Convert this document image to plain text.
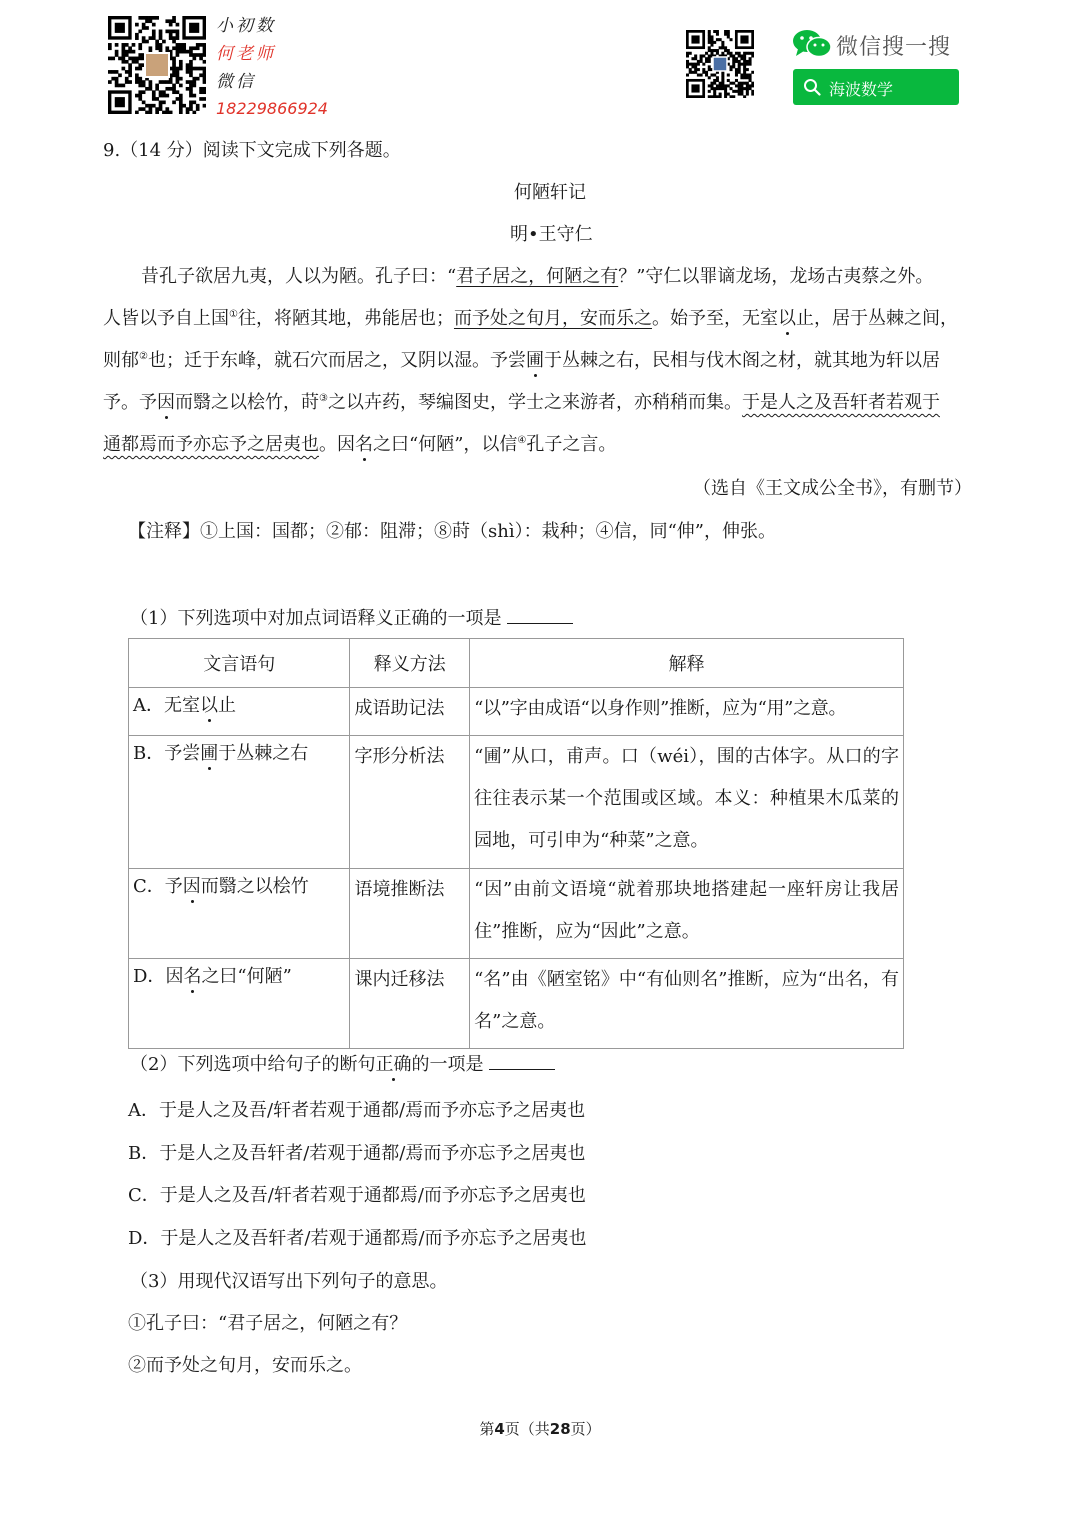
小初数
何老师
微信
18229866924
微信搜一搜
海波数学
9.（14 分）阅读下文完成下列各题。
何陋轩记
明•王守仁
昔孔子欲居九夷，人以为陋。孔子曰：“君子居之，何陋之有？”守仁以罪谪龙场，龙场古夷蔡之外。
人皆以予自上国①往，将陋其地，弗能居也；而予处之旬月，安而乐之。始予至，无室以止，居于丛棘之间，
则郁②也；迁于东峰，就石穴而居之，又阴以湿。予尝圃于丛棘之右，民相与伐木阁之材，就其地为轩以居
予。予因而翳之以桧竹，莳③之以卉药，琴编图史，学士之来游者，亦稍稍而集。于是人之及吾轩者若观于
通都焉而予亦忘予之居夷也。因名之曰“何陋”，以信④孔子之言。
（选自《王文成公全书》，有删节）
【注释】①上国：国都；②郁：阻滞；⑧莳（shì）：栽种；④信，同“伸”，伸张。
（1）下列选项中对加点词语释义正确的一项是
文言语句	释义方法	解释
A．无室以止	成语助记法	“以”字由成语“以身作则”推断，应为“用”之意。
B．予尝圃于丛棘之右	字形分析法	“圃”从口，甫声。口（wéi），围的古体字。从口的字往往表示某一个范围或区域。本义：种植果木瓜菜的园地，可引申为“种菜”之意。
C．予因而翳之以桧竹	语境推断法	“因”由前文语境“就着那块地搭建起一座轩房让我居住”推断，应为“因此”之意。
D．因名之曰“何陋”	课内迁移法	“名”由《陋室铭》中“有仙则名”推断，应为“出名，有名”之意。
（2）下列选项中给句子的断句正确的一项是
A．于是人之及吾/轩者若观于通都/焉而予亦忘予之居夷也
B．于是人之及吾轩者/若观于通都/焉而予亦忘予之居夷也
C．于是人之及吾/轩者若观于通都焉/而予亦忘予之居夷也
D．于是人之及吾轩者/若观于通都焉/而予亦忘予之居夷也
（3）用现代汉语写出下列句子的意思。
①孔子曰：“君子居之，何陋之有？
②而予处之旬月，安而乐之。
第4页（共28页）
